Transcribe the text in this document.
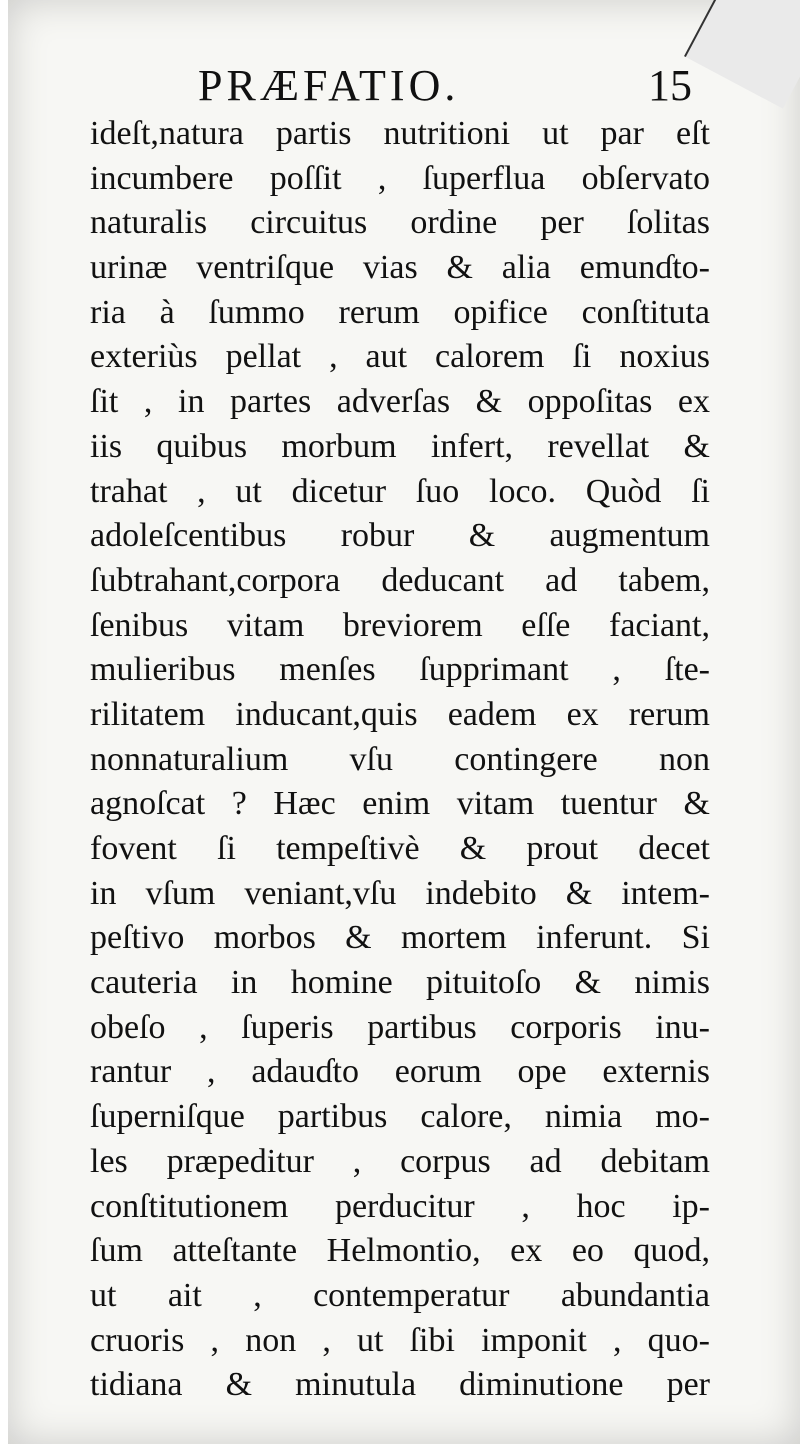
PRÆFATIO.	15
ideſt,natura partis nutritioni ut par eſt
incumbere poſſit , ſuperflua obſervato
naturalis circuitus ordine per ſolitas
urinæ ventriſque vias & alia emunɗto-
ria à ſummo rerum opifice conſtituta
exteriùs pellat , aut calorem ſi noxius
ſit , in partes adverſas & oppoſitas ex
iis quibus morbum infert, revellat &
trahat , ut dicetur ſuo loco. Quòd ſi
adoleſcentibus robur & augmentum
ſubtrahant,corpora deducant ad tabem,
ſenibus vitam breviorem eſſe faciant,
mulieribus menſes ſupprimant , ſte-
rilitatem inducant,quis eadem ex rerum
nonnaturalium vſu contingere non
agnoſcat ? Hæc enim vitam tuentur &
fovent ſi tempeſtivè & prout decet
in vſum veniant,vſu indebito & intem-
peſtivo morbos & mortem inferunt. Si
cauteria in homine pituitoſo & nimis
obeſo , ſuperis partibus corporis inu-
rantur , adauɗto eorum ope externis
ſuperniſque partibus calore, nimia mo-
les præpeditur , corpus ad debitam
conſtitutionem perducitur , hoc ip-
ſum atteſtante Helmontio, ex eo quod,
ut ait , contemperatur abundantia
cruoris , non , ut ſibi imponit , quo-
tidiana & minutula diminutione per
